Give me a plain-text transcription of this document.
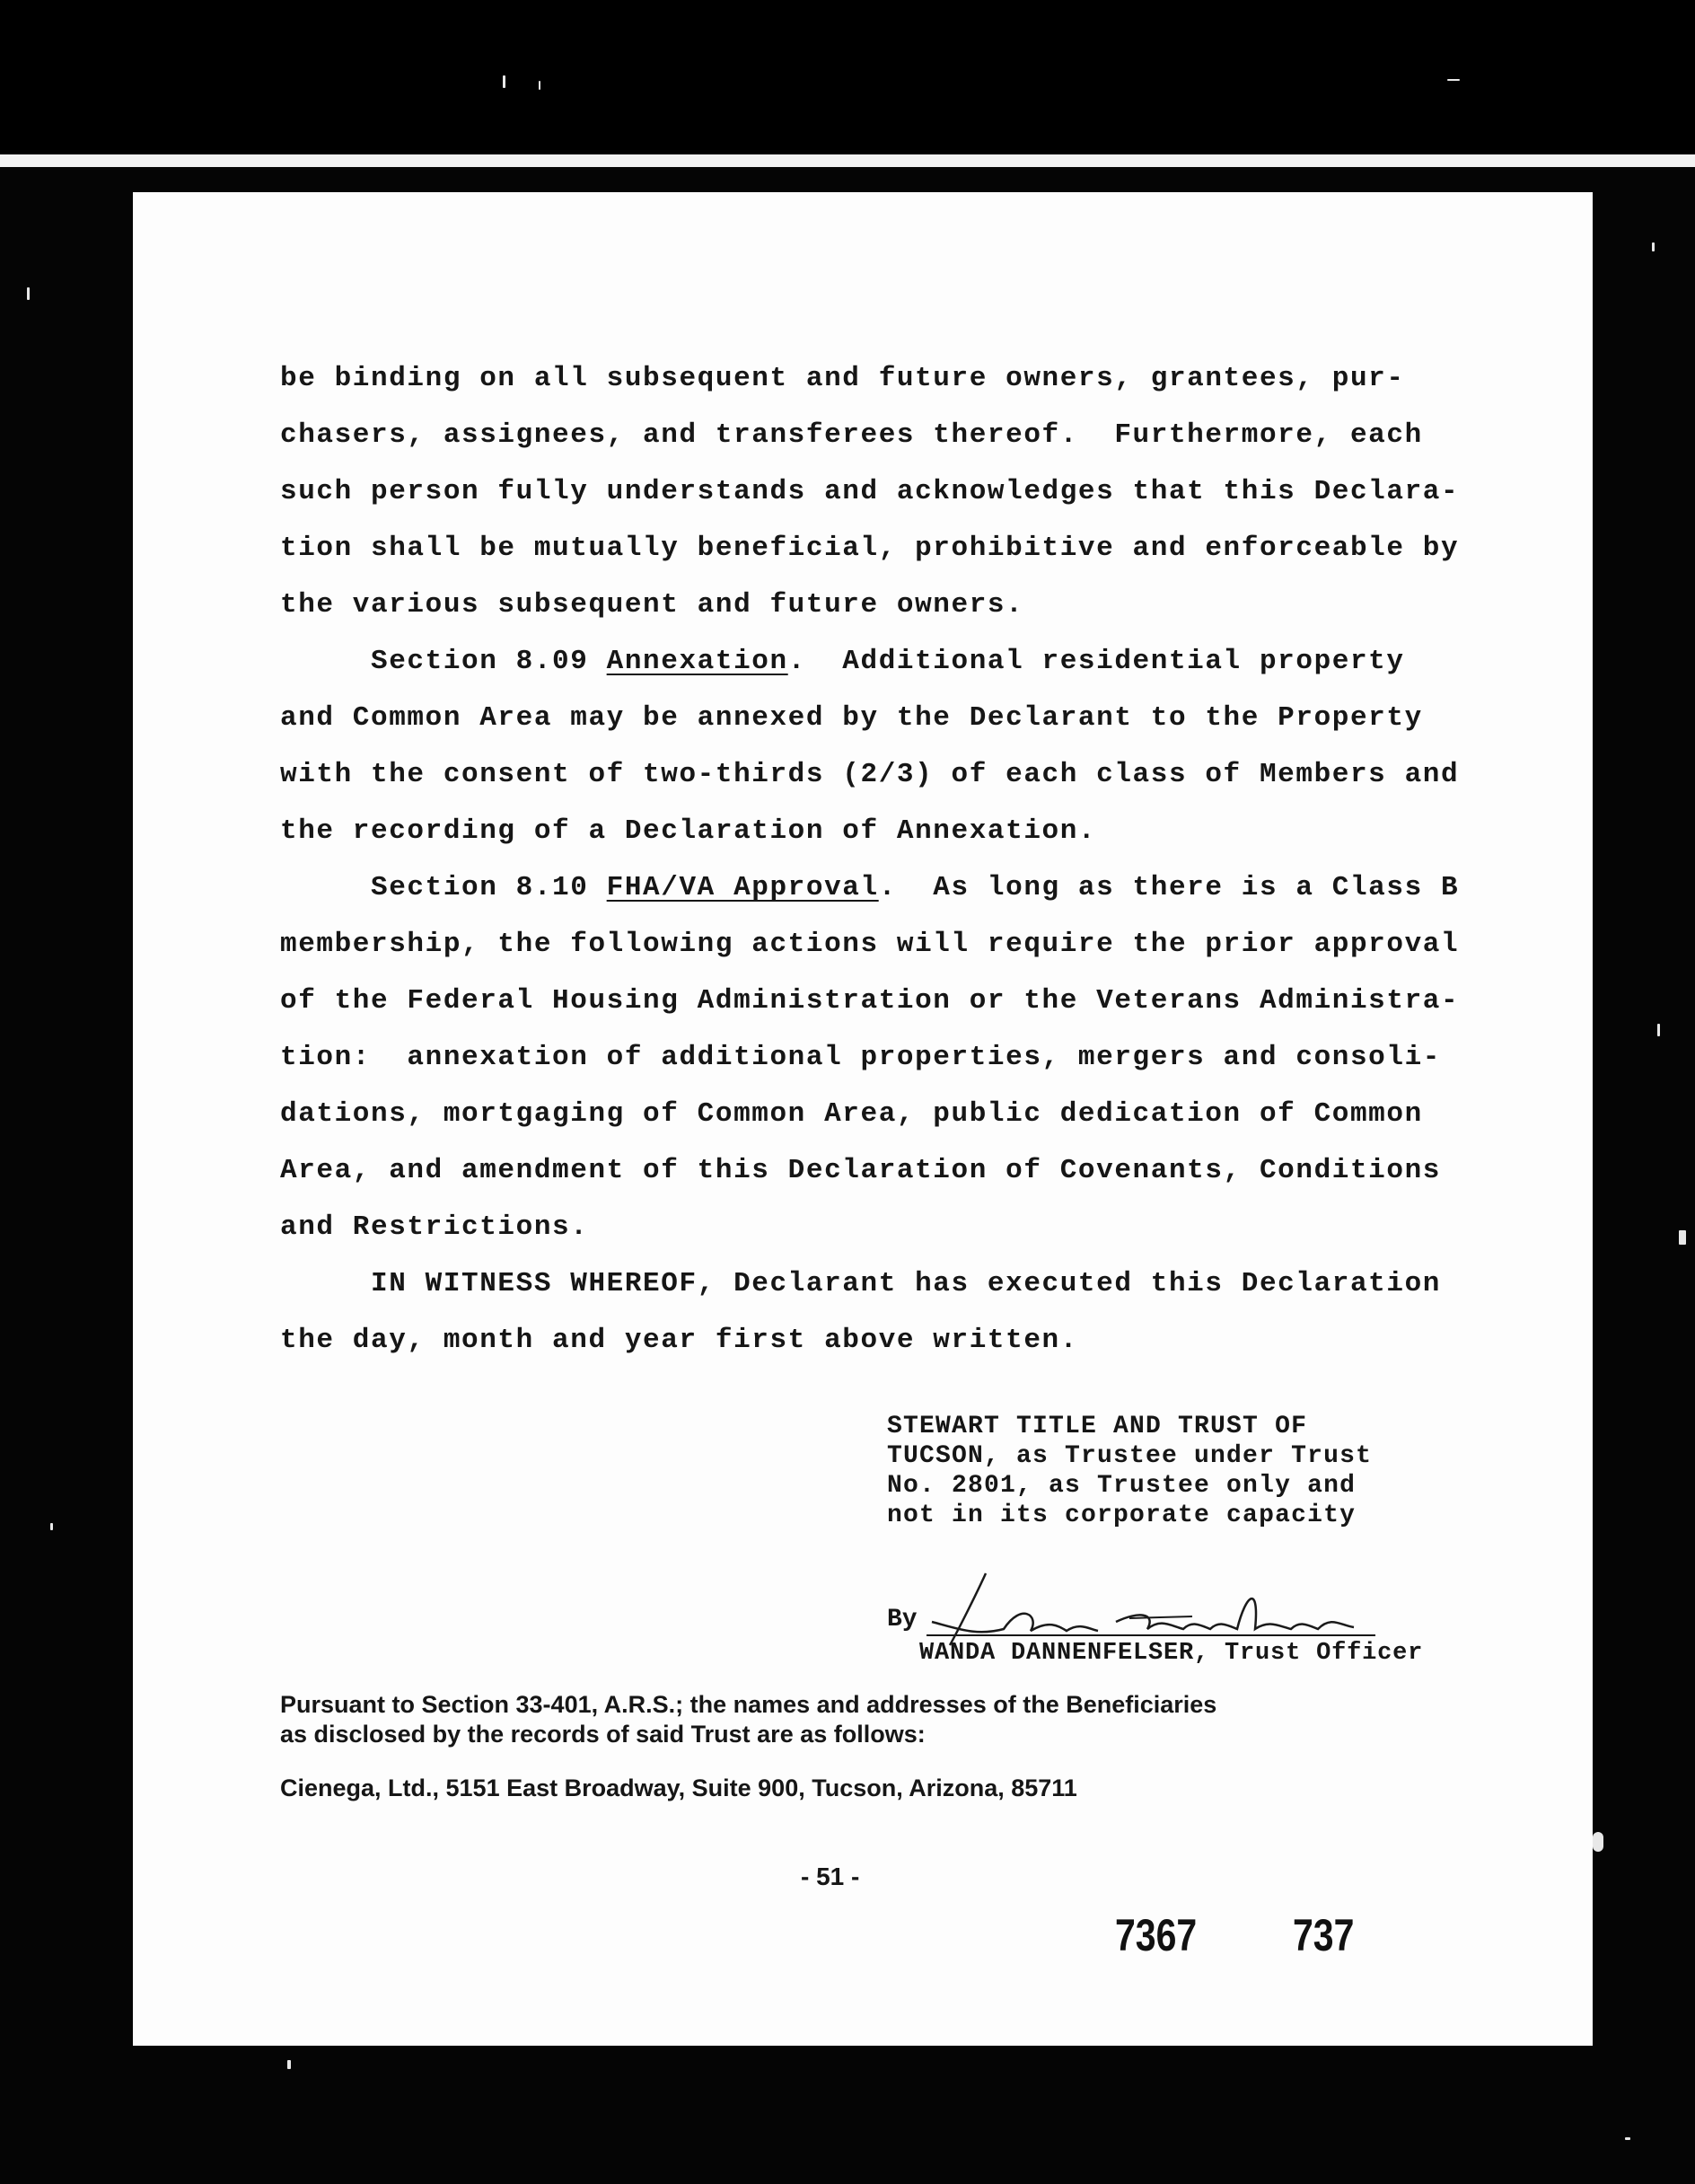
be binding on all subsequent and future owners, grantees, pur-
chasers, assignees, and transferees thereof.  Furthermore, each
such person fully understands and acknowledges that this Declara-
tion shall be mutually beneficial, prohibitive and enforceable by
the various subsequent and future owners.
Section 8.09 Annexation.  Additional residential property
and Common Area may be annexed by the Declarant to the Property
with the consent of two-thirds (2/3) of each class of Members and
the recording of a Declaration of Annexation.
Section 8.10 FHA/VA Approval.  As long as there is a Class B
membership, the following actions will require the prior approval
of the Federal Housing Administration or the Veterans Administra-
tion:  annexation of additional properties, mergers and consoli-
dations, mortgaging of Common Area, public dedication of Common
Area, and amendment of this Declaration of Covenants, Conditions
and Restrictions.
IN WITNESS WHEREOF, Declarant has executed this Declaration
the day, month and year first above written.
STEWART TITLE AND TRUST OF
TUCSON, as Trustee under Trust
No. 2801, as Trustee only and
not in its corporate capacity
By
WANDA DANNENFELSER, Trust Officer
Pursuant to Section 33-401, A.R.S.; the names and addresses of the Beneficiaries
as disclosed by the records of said Trust are as follows:
Cienega, Ltd., 5151 East Broadway, Suite 900, Tucson, Arizona, 85711
- 51 -
7367 737
